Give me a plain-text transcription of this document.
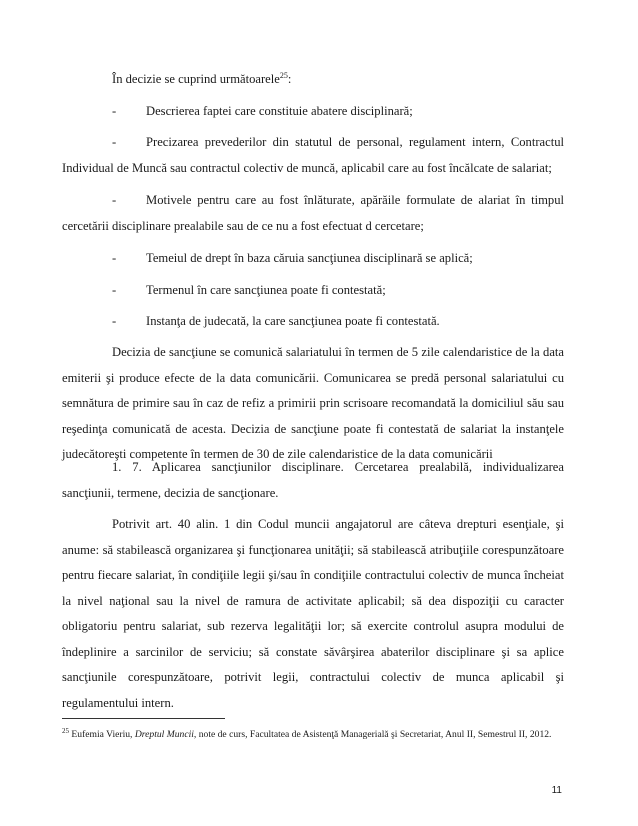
În decizie se cuprind următoarele$^{25}$:

- Descrierea faptei care constituie abatere disciplinară;

- Precizarea prevederilor din statutul de personal, regulament intern, Contractul Individual de Muncă sau contractul colectiv de muncă, aplicabil care au fost încălcate de salariat;

- Motivele pentru care au fost înlăturate, apărăile formulate de alariat în timpul cercetării disciplinare prealabile sau de ce nu a fost efectuat d cercetare;

- Temeiul de drept în baza căruia sancţiunea disciplinară se aplică;

- Termenul în care sancţiunea poate fi contestată;

- Instanţa de judecată, la care sancţiunea poate fi contestată.

Decizia de sancţiune se comunică salariatului în termen de 5 zile calendaristice de la data emiterii şi produce efecte de la data comunicării. Comunicarea se predă personal salariatului cu semnătura de primire sau în caz de refiz a primirii prin scrisoare recomandată la domiciliul său sau reşedinţa comunicată de acesta. Decizia de sancţiune poate fi contestată de salariat la instanţele judecătoreşti competente în termen de 30 de zile calendaristice de la data comunicării

1. 7. Aplicarea sancţiunilor disciplinare. Cercetarea prealabilă, individualizarea sancţiunii, termene, decizia de sancţionare.

Potrivit art. 40 alin. 1 din Codul muncii angajatorul are câteva drepturi esenţiale, şi anume: să stabilească organizarea şi funcţionarea unităţii; să stabilească atribuţiile corespunzătoare pentru fiecare salariat, în condiţiile legii şi/sau în condiţiile contractului colectiv de munca încheiat la nivel naţional sau la nivel de ramura de activitate aplicabil; să dea dispoziţii cu caracter obligatoriu pentru salariat, sub rezerva legalităţii lor; să exercite controlul asupra modului de îndeplinire a sarcinilor de serviciu; să constate săvârşirea abaterilor disciplinare şi sa aplice sancţiunile corespunzătoare, potrivit legii, contractului colectiv de munca aplicabil şi regulamentului intern.

$^{25}$ Eufemia Vieriu, Dreptul Muncii, note de curs, Facultatea de Asistenţă Managerială şi Secretariat, Anul II, Semestrul II, 2012.

11
